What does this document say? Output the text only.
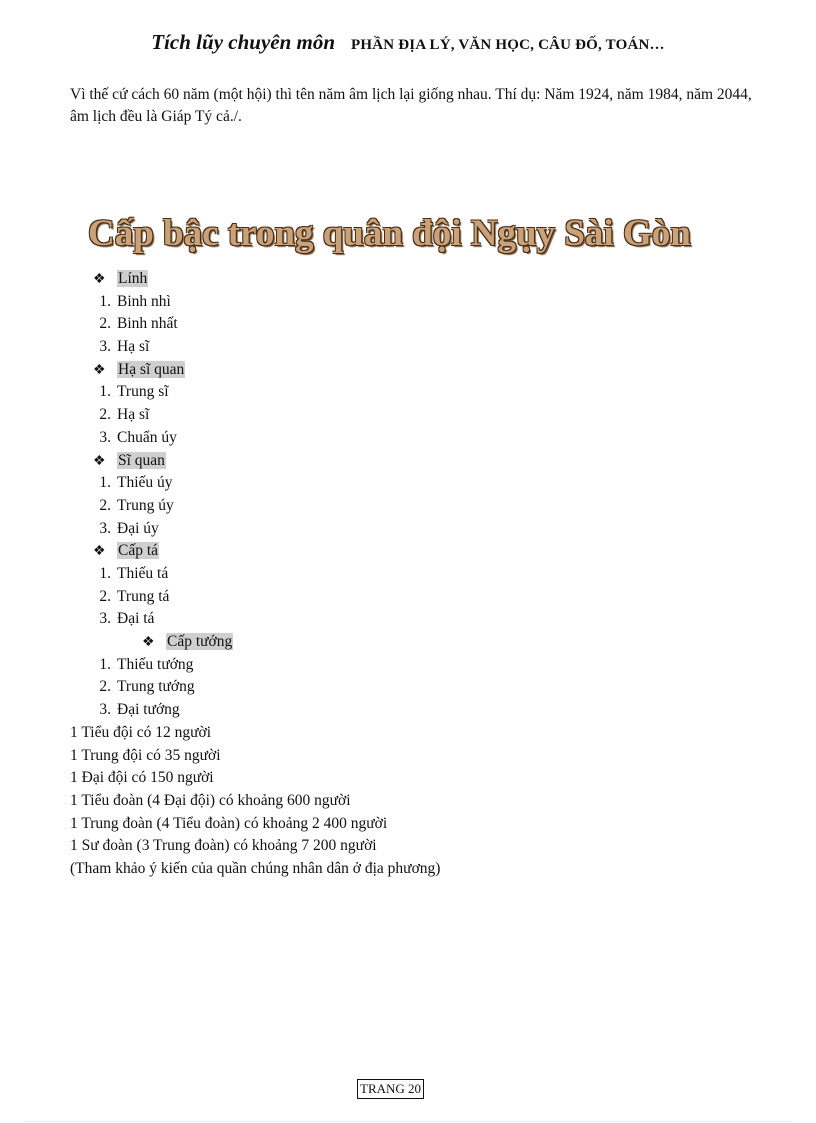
Tích lũy chuyên môn PHẦN ĐỊA LÝ, VĂN HỌC, CÂU ĐỐ, TOÁN…
Vì thế cứ cách 60 năm (một hội) thì tên năm âm lịch lại giống nhau. Thí dụ: Năm 1924, năm 1984, năm 2044, âm lịch đều là Giáp Tý cả./.
Cấp bậc trong quân đội Ngụy Sài Gòn
❖ Lính
1. Binh nhì
2. Binh nhất
3. Hạ sĩ
❖ Hạ sĩ quan
1. Trung sĩ
2. Hạ sĩ
3. Chuẩn úy
❖ Sĩ quan
1. Thiếu úy
2. Trung úy
3. Đại úy
❖ Cấp tá
1. Thiếu tá
2. Trung tá
3. Đại tá
❖ Cấp tướng
1. Thiếu tướng
2. Trung tướng
3. Đại tướng
1 Tiểu đội có 12 người
1 Trung đội có 35 người
1 Đại đội có 150 người
1 Tiểu đoàn (4 Đại đội) có khoảng 600 người
1 Trung đoàn (4 Tiểu đoàn) có khoảng 2 400 người
1 Sư đoàn (3 Trung đoàn) có khoảng 7 200 người
(Tham khảo ý kiến của quần chúng nhân dân ở địa phương)
TRANG 20
